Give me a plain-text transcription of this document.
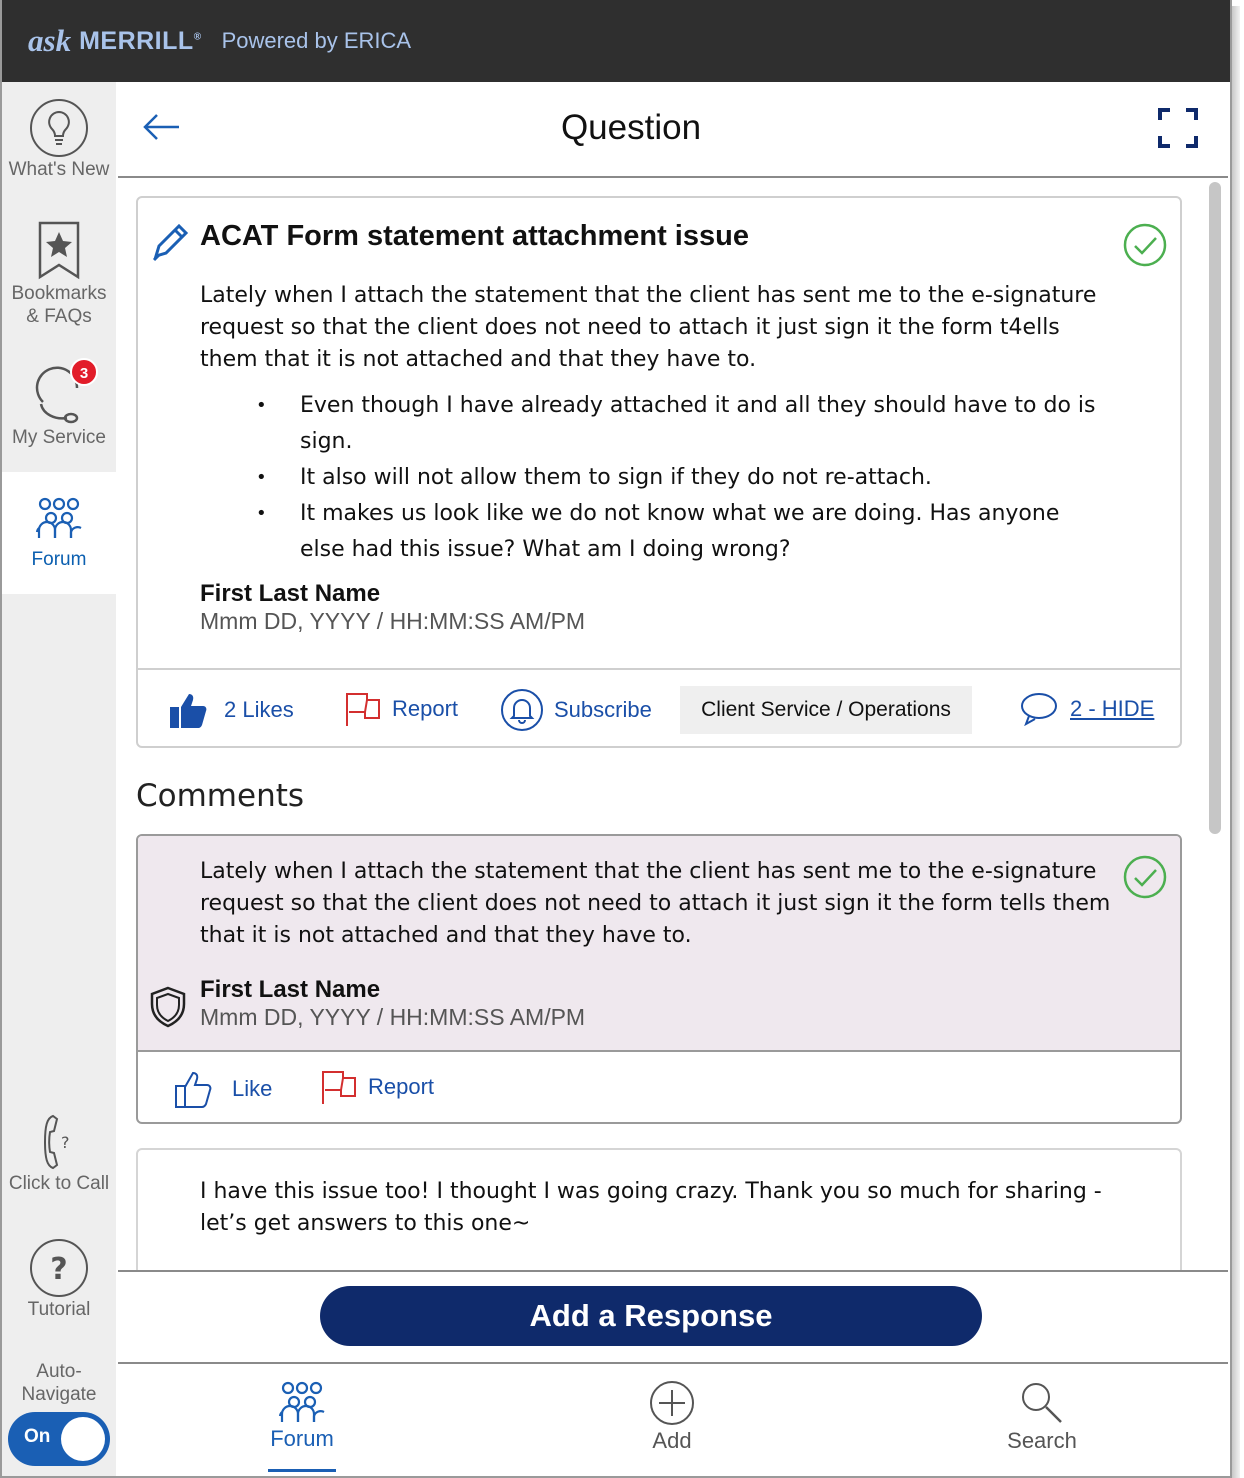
ask MERRILL® Powered by ERICA
What's New
Bookmarks
& FAQs
My Service
3
Forum
?
Click to Call
?
Tutorial
Auto-
Navigate
On
Question
ACAT Form statement attachment issue
Lately when I attach the statement that the client has sent me to the e-signature request so that the client does not need to attach it just sign it the form t4ells them that it is not attached and that they have to.
• Even though I have already attached it and all they should have to do is sign.
• It also will not allow them to sign if they do not re-attach.
• It makes us look like we do not know what we are doing. Has anyone else had this issue? What am I doing wrong?
First Last Name
Mmm DD, YYYY / HH:MM:SS AM/PM
2 Likes	Report	Subscribe	Client Service / Operations	2 - HIDE
Comments
Lately when I attach the statement that the client has sent me to the e-signature request so that the client does not need to attach it just sign it the form tells them that it is not attached and that they have to.
First Last Name
Mmm DD, YYYY / HH:MM:SS AM/PM
Like	Report
I have this issue too! I thought I was going crazy. Thank you so much for sharing - let’s get answers to this one~
Add a Response
Forum	Add	Search
